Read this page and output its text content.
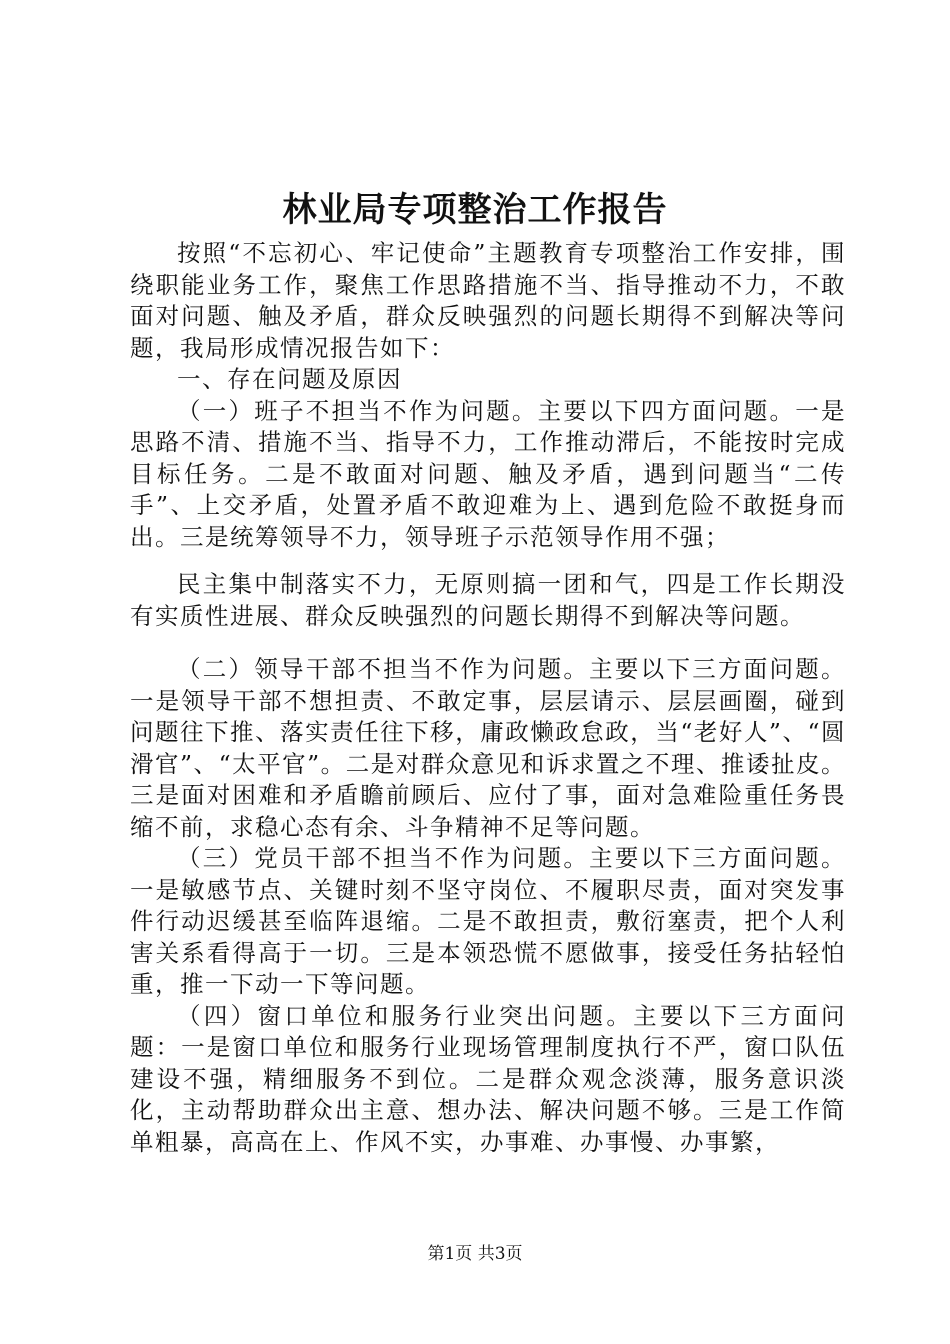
林业局专项整治工作报告

按照“不忘初心、牢记使命”主题教育专项整治工作安排，围绕职能业务工作，聚焦工作思路措施不当、指导推动不力，不敢面对问题、触及矛盾，群众反映强烈的问题长期得不到解决等问题，我局形成情况报告如下：

一、存在问题及原因

（一）班子不担当不作为问题。主要以下四方面问题。一是思路不清、措施不当、指导不力，工作推动滞后，不能按时完成目标任务。二是不敢面对问题、触及矛盾，遇到问题当“二传手”、上交矛盾，处置矛盾不敢迎难为上、遇到危险不敢挺身而出。三是统筹领导不力，领导班子示范领导作用不强；

民主集中制落实不力，无原则搞一团和气，四是工作长期没有实质性进展、群众反映强烈的问题长期得不到解决等问题。

（二）领导干部不担当不作为问题。主要以下三方面问题。一是领导干部不想担责、不敢定事，层层请示、层层画圈，碰到问题往下推、落实责任往下移，庸政懒政怠政，当“老好人”、“圆滑官”、“太平官”。二是对群众意见和诉求置之不理、推诿扯皮。三是面对困难和矛盾瞻前顾后、应付了事，面对急难险重任务畏缩不前，求稳心态有余、斗争精神不足等问题。

（三）党员干部不担当不作为问题。主要以下三方面问题。一是敏感节点、关键时刻不坚守岗位、不履职尽责，面对突发事件行动迟缓甚至临阵退缩。二是不敢担责，敷衍塞责，把个人利害关系看得高于一切。三是本领恐慌不愿做事，接受任务拈轻怕重，推一下动一下等问题。

（四）窗口单位和服务行业突出问题。主要以下三方面问题：一是窗口单位和服务行业现场管理制度执行不严，窗口队伍建设不强，精细服务不到位。二是群众观念淡薄，服务意识淡化，主动帮助群众出主意、想办法、解决问题不够。三是工作简单粗暴，高高在上、作风不实，办事难、办事慢、办事繁，

第1页 共3页
